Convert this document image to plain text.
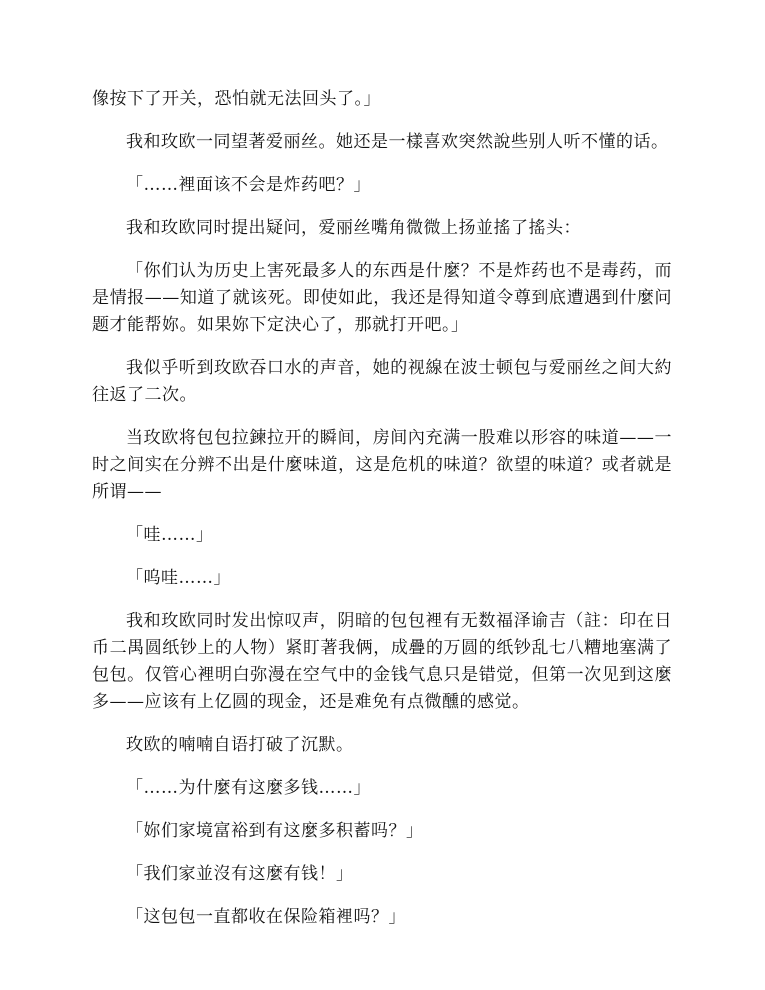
像按下了开关，恐怕就无法回头了。」

我和玫欧一同望著爱丽丝。她还是一樣喜欢突然說些别人听不懂的话。

「……裡面该不会是炸药吧？」

我和玫欧同时提出疑问，爱丽丝嘴角微微上扬並搖了搖头：

「你们认为历史上害死最多人的东西是什麼？不是炸药也不是毒药，而是情报——知道了就该死。即使如此，我还是得知道令尊到底遭遇到什麼问题才能帮妳。如果妳下定決心了，那就打开吧。」

我似乎听到玫欧吞口水的声音，她的视線在波士顿包与爱丽丝之间大約往返了二次。

当玫欧将包包拉鍊拉开的瞬间，房间內充满一股难以形容的味道——一时之间实在分辨不出是什麼味道，这是危机的味道？欲望的味道？或者就是所谓——

「哇……」

「呜哇……」

我和玫欧同时发出惊叹声，阴暗的包包裡有无数福泽谕吉（註：印在日币二禺圆纸钞上的人物）紧盯著我俩，成疊的万圆的纸钞乱七八糟地塞满了包包。仅管心裡明白弥漫在空气中的金钱气息只是错觉，但第一次见到这麼多——应该有上亿圆的现金，还是难免有点微醺的感觉。

玫欧的喃喃自语打破了沉默。

「……为什麼有这麼多钱……」

「妳们家境富裕到有这麼多积蓄吗？」

「我们家並沒有这麼有钱！」

「这包包一直都收在保险箱裡吗？」
